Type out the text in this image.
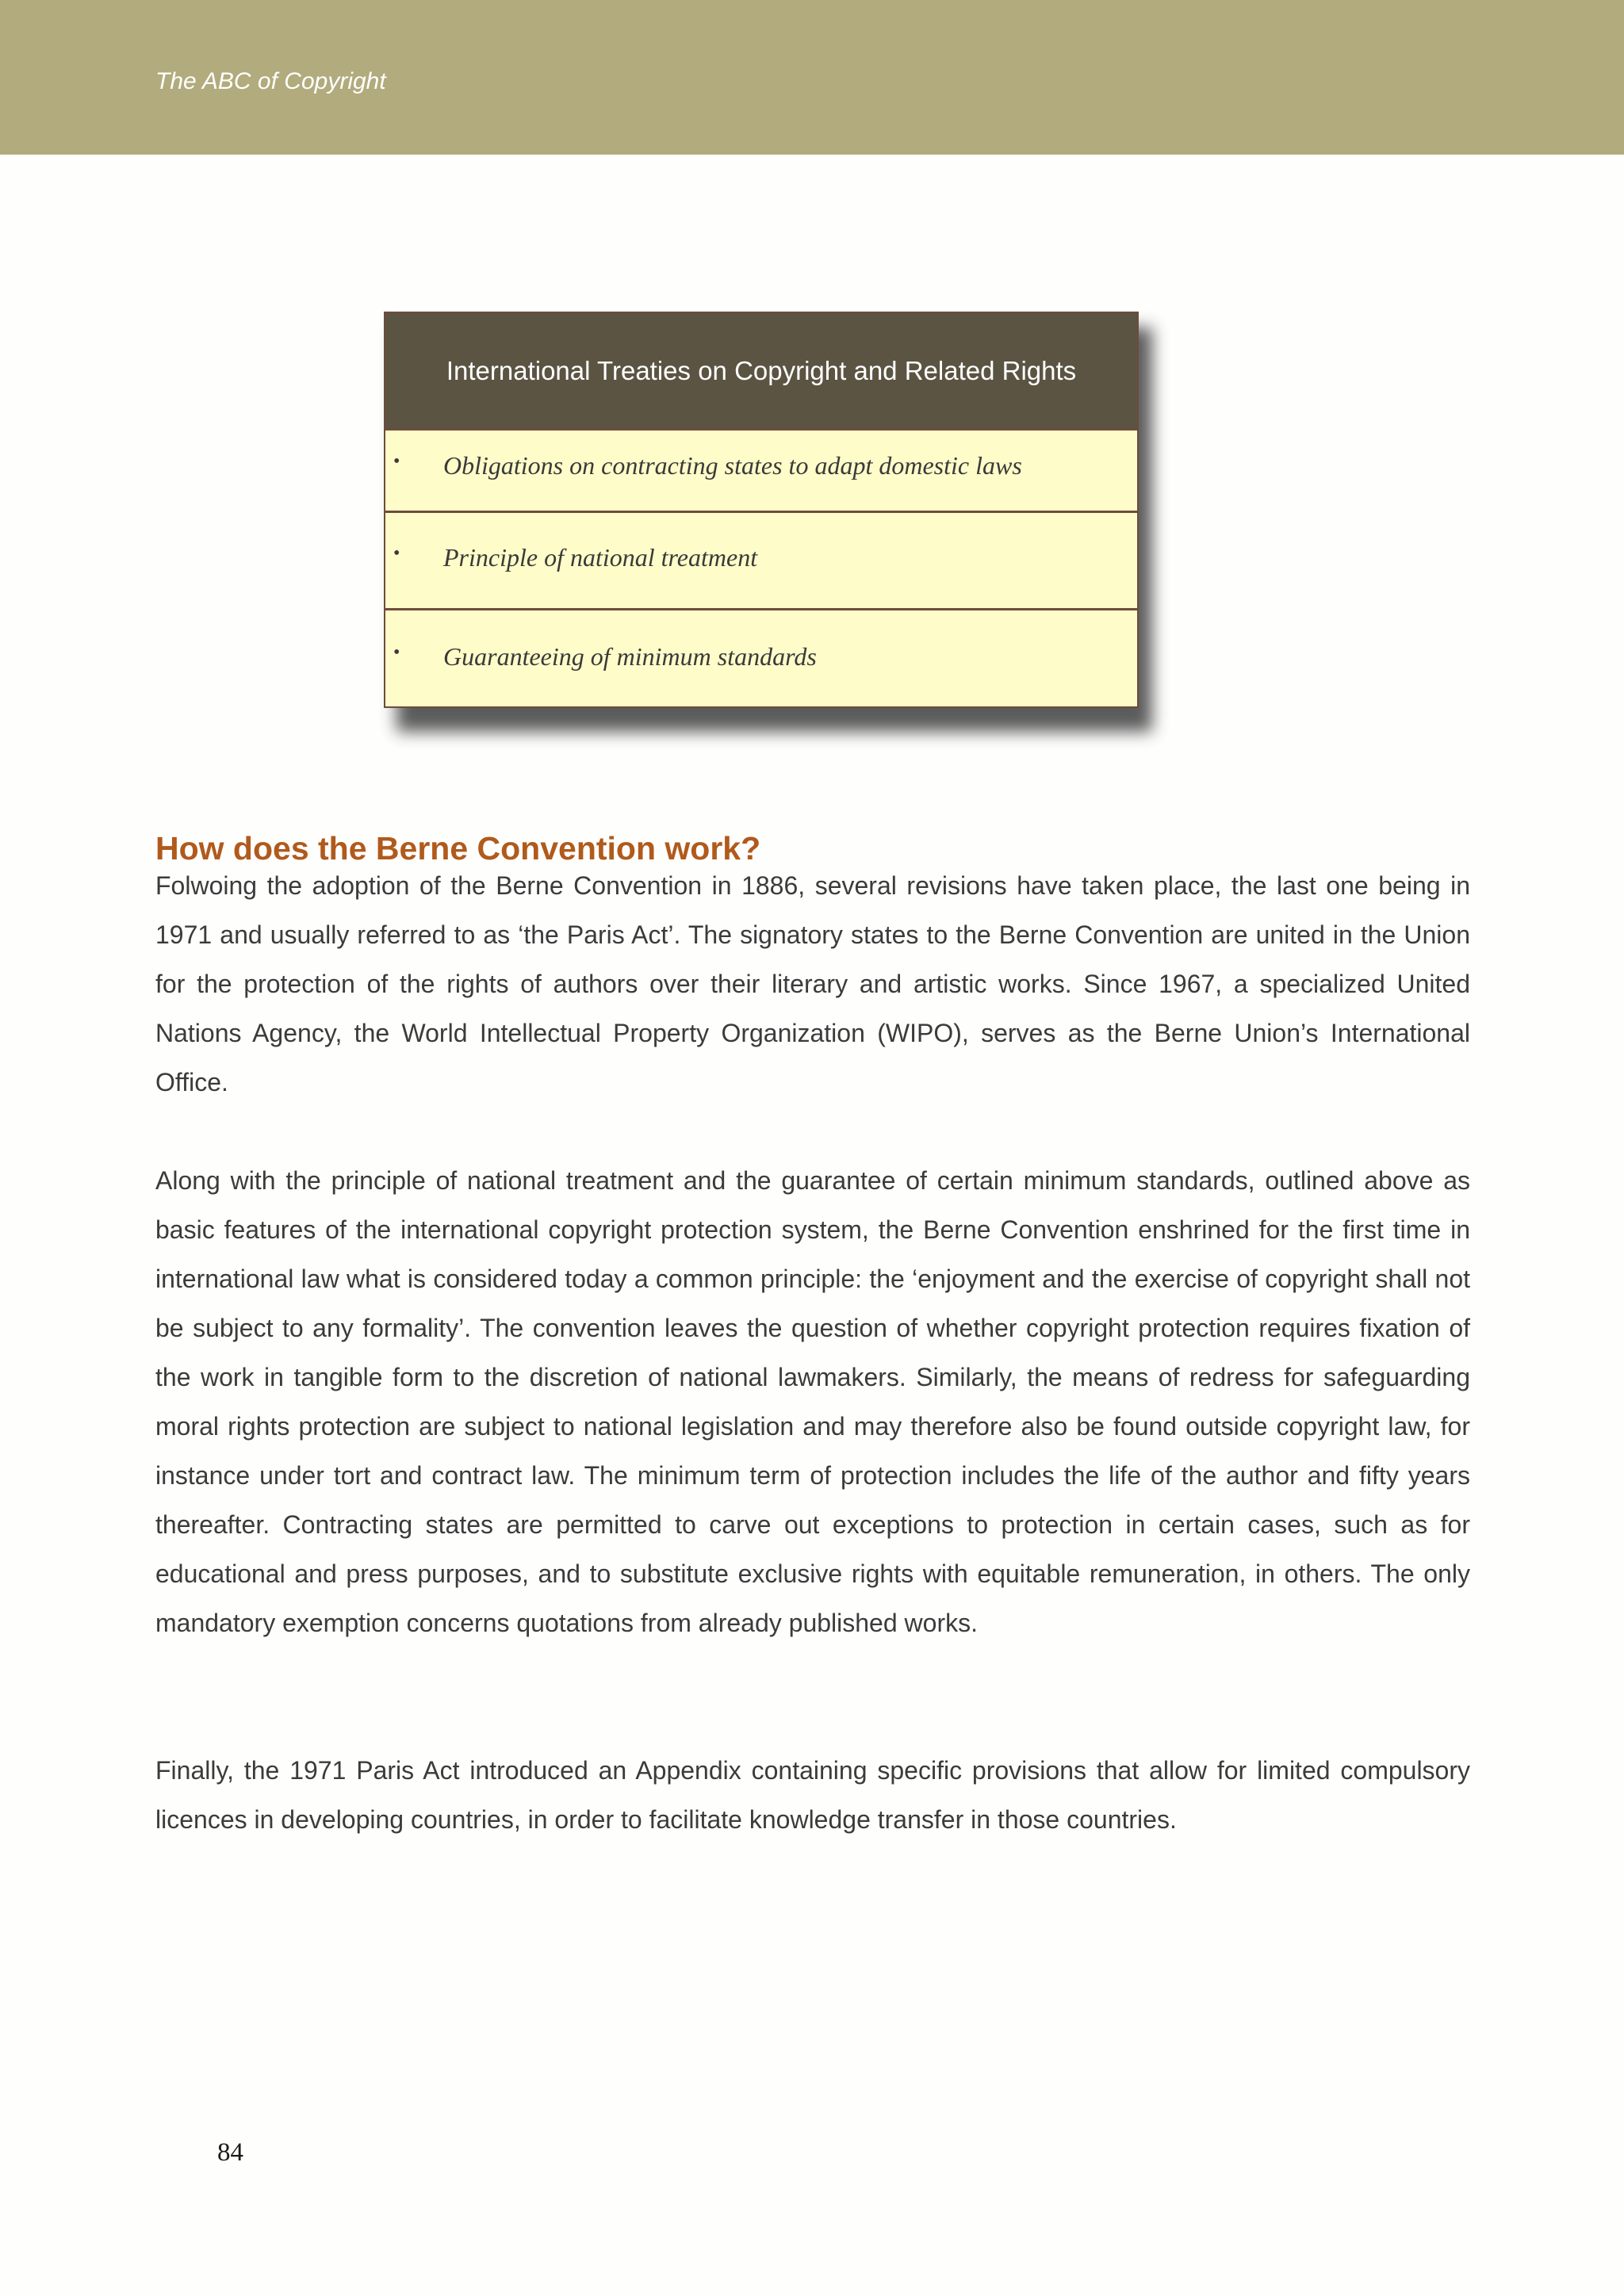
The ABC of Copyright
International Treaties on Copyright and Related Rights
• Obligations on contracting states to adapt domestic laws
• Principle of national treatment
• Guaranteeing of minimum standards
How does the Berne Convention work?

Folwoing the adoption of the Berne Convention in 1886, several revisions have taken place, the last one being in 1971 and usually referred to as ‘the Paris Act’. The signatory states to the Berne Convention are united in the Union for the protection of the rights of authors over their literary and artistic works. Since 1967, a specialized United Nations Agency, the World Intellectual Property Organization (WIPO), serves as the Berne Union’s International Office.

Along with the principle of national treatment and the guarantee of certain minimum standards, outlined above as basic features of the international copyright protection system, the Berne Convention enshrined for the first time in international law what is considered today a common principle: the ‘enjoyment and the exercise of copyright shall not be subject to any formality’. The convention leaves the question of whether copyright protection requires fixation of the work in tangible form to the discretion of national lawmakers. Similarly, the means of redress for safeguarding moral rights protection are subject to national legislation and may therefore also be found outside copyright law, for instance under tort and contract law. The minimum term of protection includes the life of the author and fifty years thereafter. Contracting states are permitted to carve out exceptions to protection in certain cases, such as for educational and press purposes, and to substitute exclusive rights with equitable remuneration, in others. The only mandatory exemption concerns quotations from already published works.

Finally, the 1971 Paris Act introduced an Appendix containing specific provisions that allow for limited compulsory licences in developing countries, in order to facilitate knowledge transfer in those countries.

84
